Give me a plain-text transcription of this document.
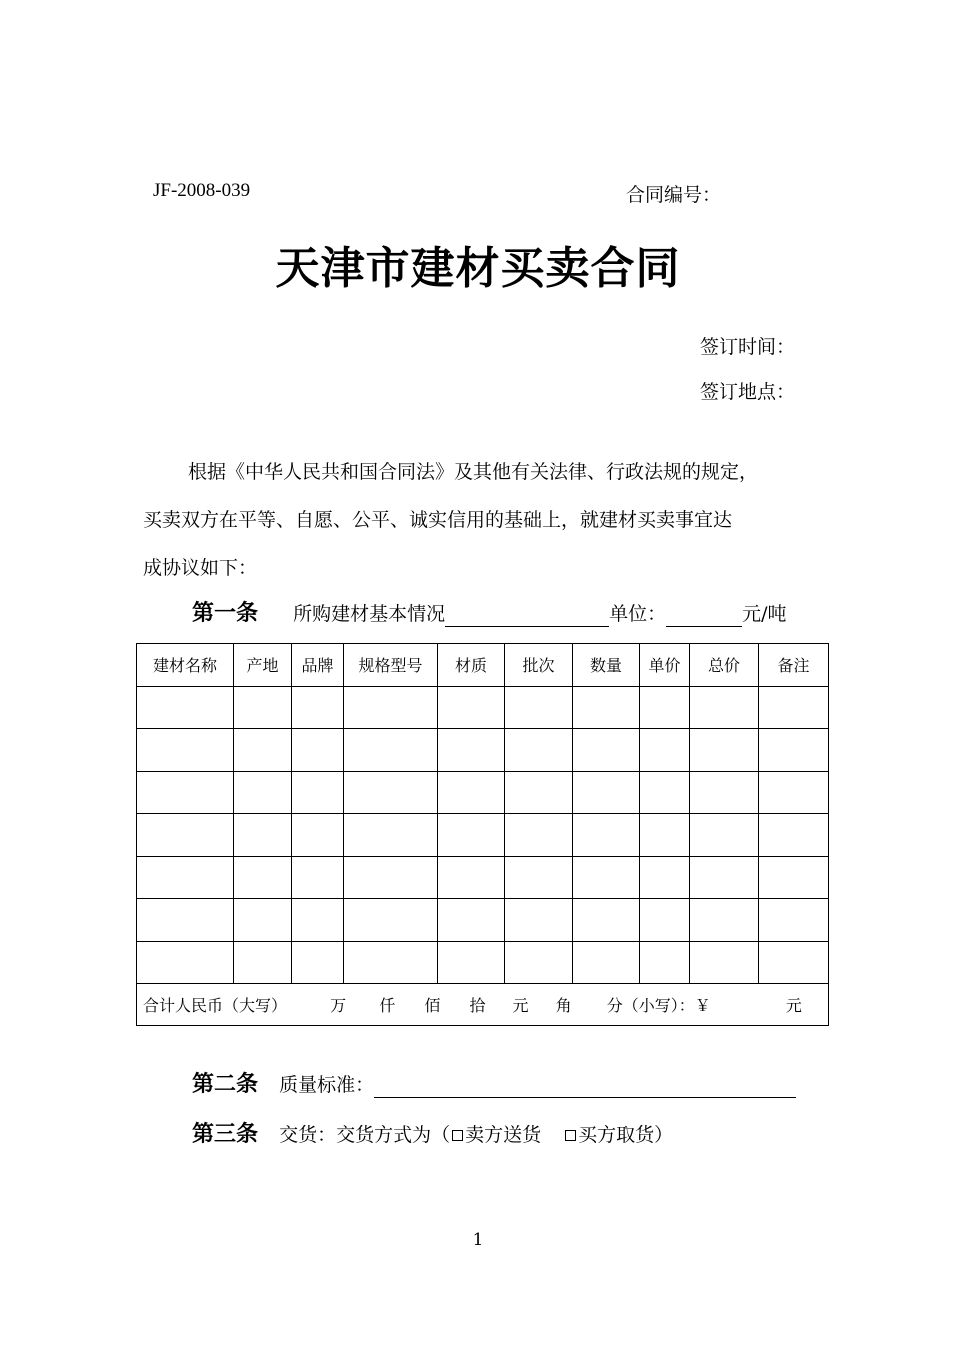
JF-2008-039	合同编号：
天津市建材买卖合同
签订时间：
签订地点：

根据《中华人民共和国合同法》及其他有关法律、行政法规的规定，

买卖双方在平等、自愿、公平、诚实信用的基础上，就建材买卖事宜达

成协议如下：

第一条 所购建材基本情况	单位：	元/吨
建材名称	产地	品牌	规格型号	材质	批次	数量	单价	总价	备注

合计人民币（大写） 万 仟 佰 拾 元 角 分（小写）：￥ 元									
第二条 质量标准：
第三条 交货：交货方式为（ 卖方送货 买方取货）
1
